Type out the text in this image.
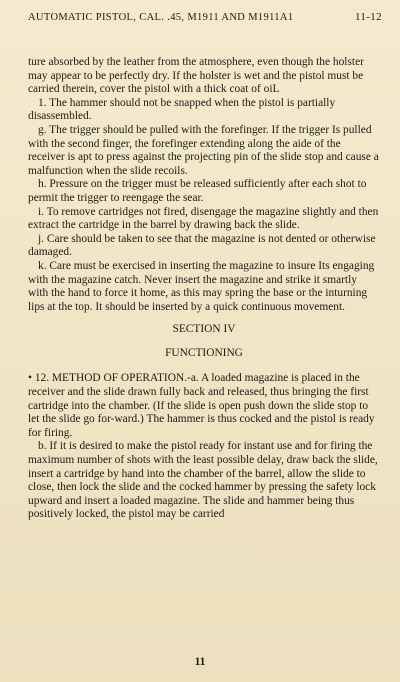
AUTOMATIC PISTOL, CAL. .45, M1911 AND M1911A1	11-12

ture absorbed by the leather from the atmosphere, even though the holster may appear to be perfectly dry. If the holster is wet and the pistol must be carried therein, cover the pistol with a thick coat of oiL

1. The hammer should not be snapped when the pistol is partially disassembled.

g. The trigger should be pulled with the forefinger. If the trigger Is pulled with the second finger, the forefinger extending along the aide of the receiver is apt to press against the projecting pin of the slide stop and cause a malfunction when the slide recoils.

h. Pressure on the trigger must be released sufficiently after each shot to permit the trigger to reengage the sear.

i. To remove cartridges not fired, disengage the magazine slightly and then extract the cartridge in the barrel by drawing back the slide.

j. Care should be taken to see that the magazine is not dented or otherwise damaged.

k. Care must be exercised in inserting the magazine to insure Its engaging with the magazine catch. Never insert the magazine and strike it smartly with the hand to force it home, as this may spring the base or the inturning lips at the top. It should be inserted by a quick continuous movement.

SECTION IV

FUNCTIONING

• 12. METHOD OF OPERATION.-a. A loaded magazine is placed in the receiver and the slide drawn fully back and released, thus bringing the first cartridge into the chamber. (If the slide is open push down the slide stop to let the slide go for-ward.) The hammer is thus cocked and the pistol is ready for firing.

b. If it is desired to make the pistol ready for instant use and for firing the maximum number of shots with the least possible delay, draw back the slide, insert a cartridge by hand into the chamber of the barrel, allow the slide to close, then lock the slide and the cocked hammer by pressing the safety lock upward and insert a loaded magazine. The slide and hammer being thus positively locked, the pistol may be carried

11
